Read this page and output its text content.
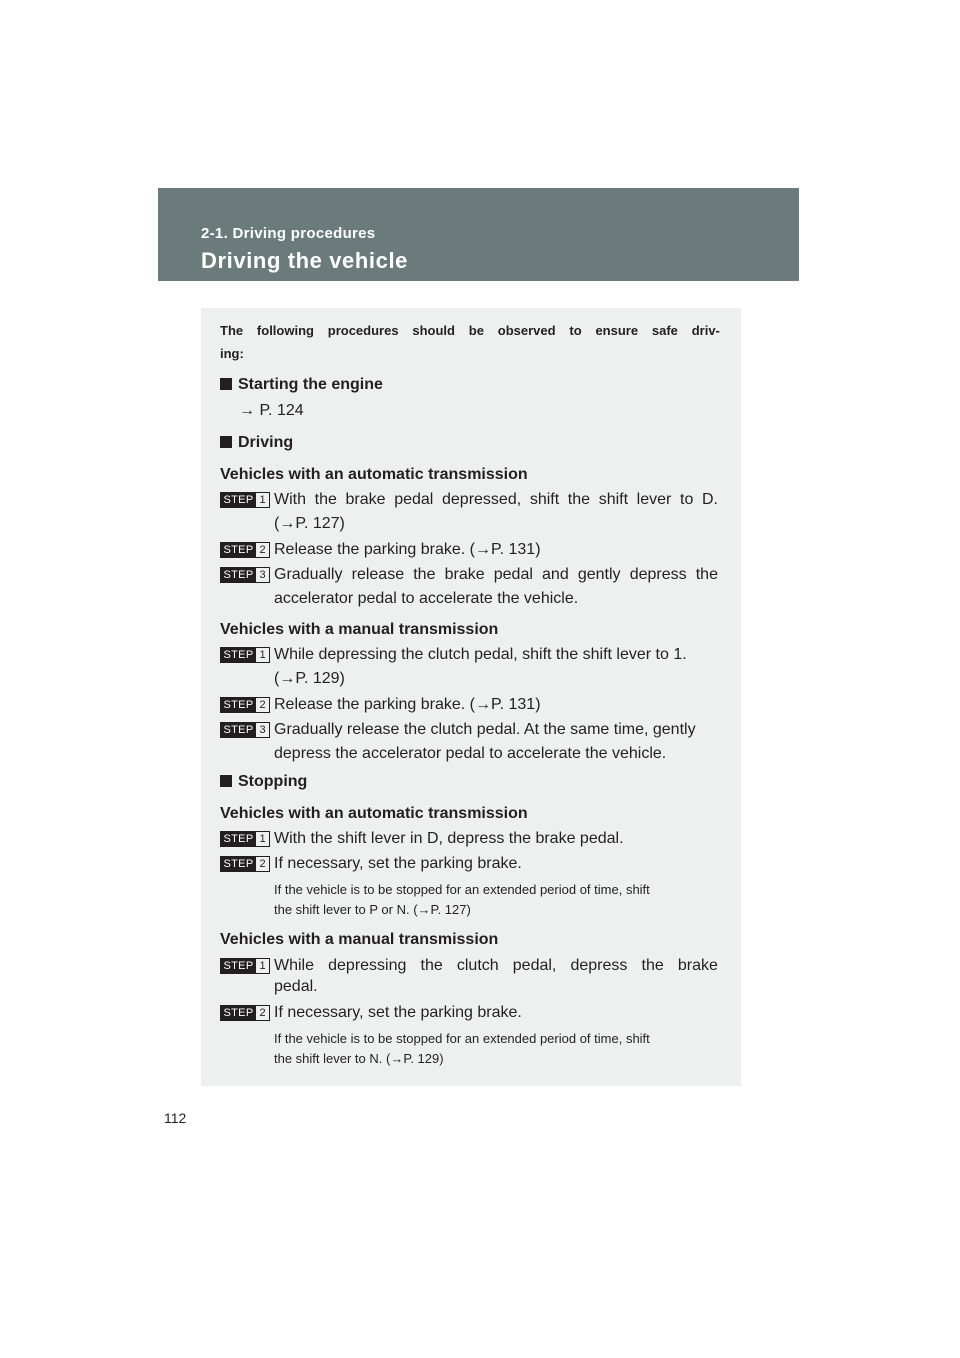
2-1. Driving procedures
Driving the vehicle
The following procedures should be observed to ensure safe driv-
ing:
Starting the engine
→ P. 124
Driving
Vehicles with an automatic transmission
STEP 1 With the brake pedal depressed, shift the shift lever to D.
(→P. 127)
STEP 2 Release the parking brake. (→P. 131)
STEP 3 Gradually release the brake pedal and gently depress the
accelerator pedal to accelerate the vehicle.
Vehicles with a manual transmission
STEP 1 While depressing the clutch pedal, shift the shift lever to 1.
(→P. 129)
STEP 2 Release the parking brake. (→P. 131)
STEP 3 Gradually release the clutch pedal. At the same time, gently
depress the accelerator pedal to accelerate the vehicle.
Stopping
Vehicles with an automatic transmission
STEP 1 With the shift lever in D, depress the brake pedal.
STEP 2 If necessary, set the parking brake.
If the vehicle is to be stopped for an extended period of time, shift
the shift lever to P or N. (→P. 127)
Vehicles with a manual transmission
STEP 1 While depressing the clutch pedal, depress the brake
pedal.
STEP 2 If necessary, set the parking brake.
If the vehicle is to be stopped for an extended period of time, shift
the shift lever to N. (→P. 129)
112
